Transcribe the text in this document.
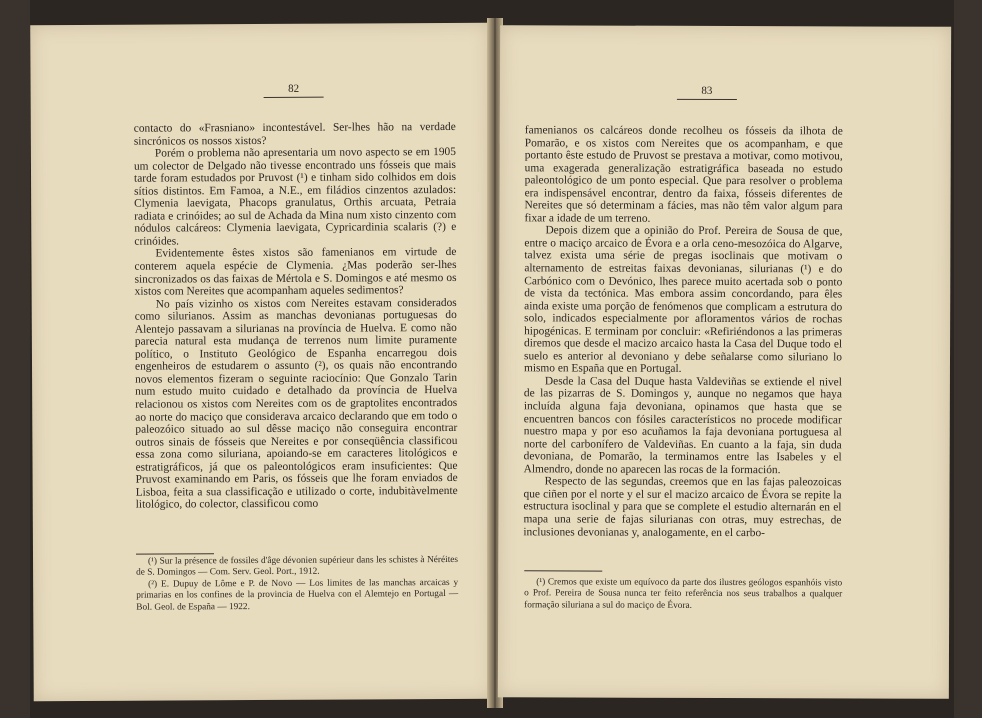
82

contacto do «Frasniano» incontestável. Ser-lhes hão na verdade sincrónicos os nossos xistos?

Porém o problema não apresentaria um novo aspecto se em 1905 um colector de Delgado não tivesse encontrado uns fósseis que mais tarde foram estudados por Pruvost (¹) e tinham sido colhidos em dois sítios distintos. Em Famoa, a N.E., em filádios cinzentos azulados: Clymenia laevigata, Phacops granulatus, Orthis arcuata, Petraia radiata e crinóides; ao sul de Achada da Mina num xisto cinzento com nódulos calcáreos: Clymenia laevigata, Cypricardinia scalaris (?) e crinóides.

Evidentemente êstes xistos são famenianos em virtude de conterem aquela espécie de Clymenia. ¿Mas poderão ser-lhes sincronizados os das faixas de Mértola e S. Domingos e até mesmo os xistos com Nereites que acompanham aqueles sedimentos?

No país vizinho os xistos com Nereites estavam considerados como silurianos. Assim as manchas devonianas portuguesas do Alentejo passavam a silurianas na província de Huelva. E como não parecia natural esta mudança de terrenos num limite puramente político, o Instituto Geológico de Espanha encarregou dois engenheiros de estudarem o assunto (²), os quais não encontrando novos elementos fizeram o seguinte raciocínio: Que Gonzalo Tarin num estudo muito cuidado e detalhado da província de Huelva relacionou os xistos com Nereites com os de graptolites encontrados ao norte do maciço que considerava arcaico declarando que em todo o paleozóico situado ao sul dêsse maciço não conseguira encontrar outros sinais de fósseis que Nereites e por conseqüência classificou essa zona como siluriana, apoiando-se em caracteres litológicos e estratigráficos, já que os paleontológicos eram insuficientes: Que Pruvost examinando em Paris, os fósseis que lhe foram enviados de Lisboa, feita a sua classificação e utilizado o corte, indubitàvelmente litológico, do colector, classificou como

(¹) Sur la présence de fossiles d'âge dévonien supérieur dans les schistes à Néréites de S. Domingos — Com. Serv. Geol. Port., 1912.

(²) E. Dupuy de Lôme e P. de Novo — Los limites de las manchas arcaicas y primarias en los confines de la provincia de Huelva con el Alemtejo en Portugal — Bol. Geol. de España — 1922.

83

famenianos os calcáreos donde recolheu os fósseis da ilhota de Pomarão, e os xistos com Nereites que os acompanham, e que portanto êste estudo de Pruvost se prestava a motivar, como motivou, uma exagerada generalização estratigráfica baseada no estudo paleontológico de um ponto especial. Que para resolver o problema era indispensável encontrar, dentro da faixa, fósseis diferentes de Nereites que só determinam a fácies, mas não têm valor algum para fixar a idade de um terreno.

Depois dizem que a opinião do Prof. Pereira de Sousa de que, entre o maciço arcaico de Évora e a orla ceno-mesozóica do Algarve, talvez exista uma série de pregas isoclinais que motivam o alternamento de estreitas faixas devonianas, silurianas (¹) e do Carbónico com o Devónico, lhes parece muito acertada sob o ponto de vista da tectónica. Mas embora assim concordando, para êles ainda existe uma porção de fenómenos que complicam a estrutura do solo, indicados especialmente por afloramentos vários de rochas hipogénicas. E terminam por concluir: «Refiriéndonos a las primeras diremos que desde el macizo arcaico hasta la Casa del Duque todo el suelo es anterior al devoniano y debe señalarse como siluriano lo mismo en España que en Portugal.

Desde la Casa del Duque hasta Valdeviñas se extiende el nivel de las pizarras de S. Domingos y, aunque no negamos que haya incluída alguna faja devoniana, opinamos que hasta que se encuentren bancos con fósiles característicos no procede modificar nuestro mapa y por eso acuñamos la faja devoniana portuguesa al norte del carbonífero de Valdeviñas. En cuanto a la faja, sin duda devoniana, de Pomarão, la terminamos entre las Isabeles y el Almendro, donde no aparecen las rocas de la formación.

Respecto de las segundas, creemos que en las fajas paleozoicas que ciñen por el norte y el sur el macizo arcaico de Évora se repite la estructura isoclinal y para que se complete el estudio alternarán en el mapa una serie de fajas silurianas con otras, muy estrechas, de inclusiones devonianas y, analogamente, en el carbo-

(¹) Cremos que existe um equívoco da parte dos ilustres geólogos espanhóis visto o Prof. Pereira de Sousa nunca ter feito referência nos seus trabalhos a qualquer formação siluriana a sul do maciço de Évora.
